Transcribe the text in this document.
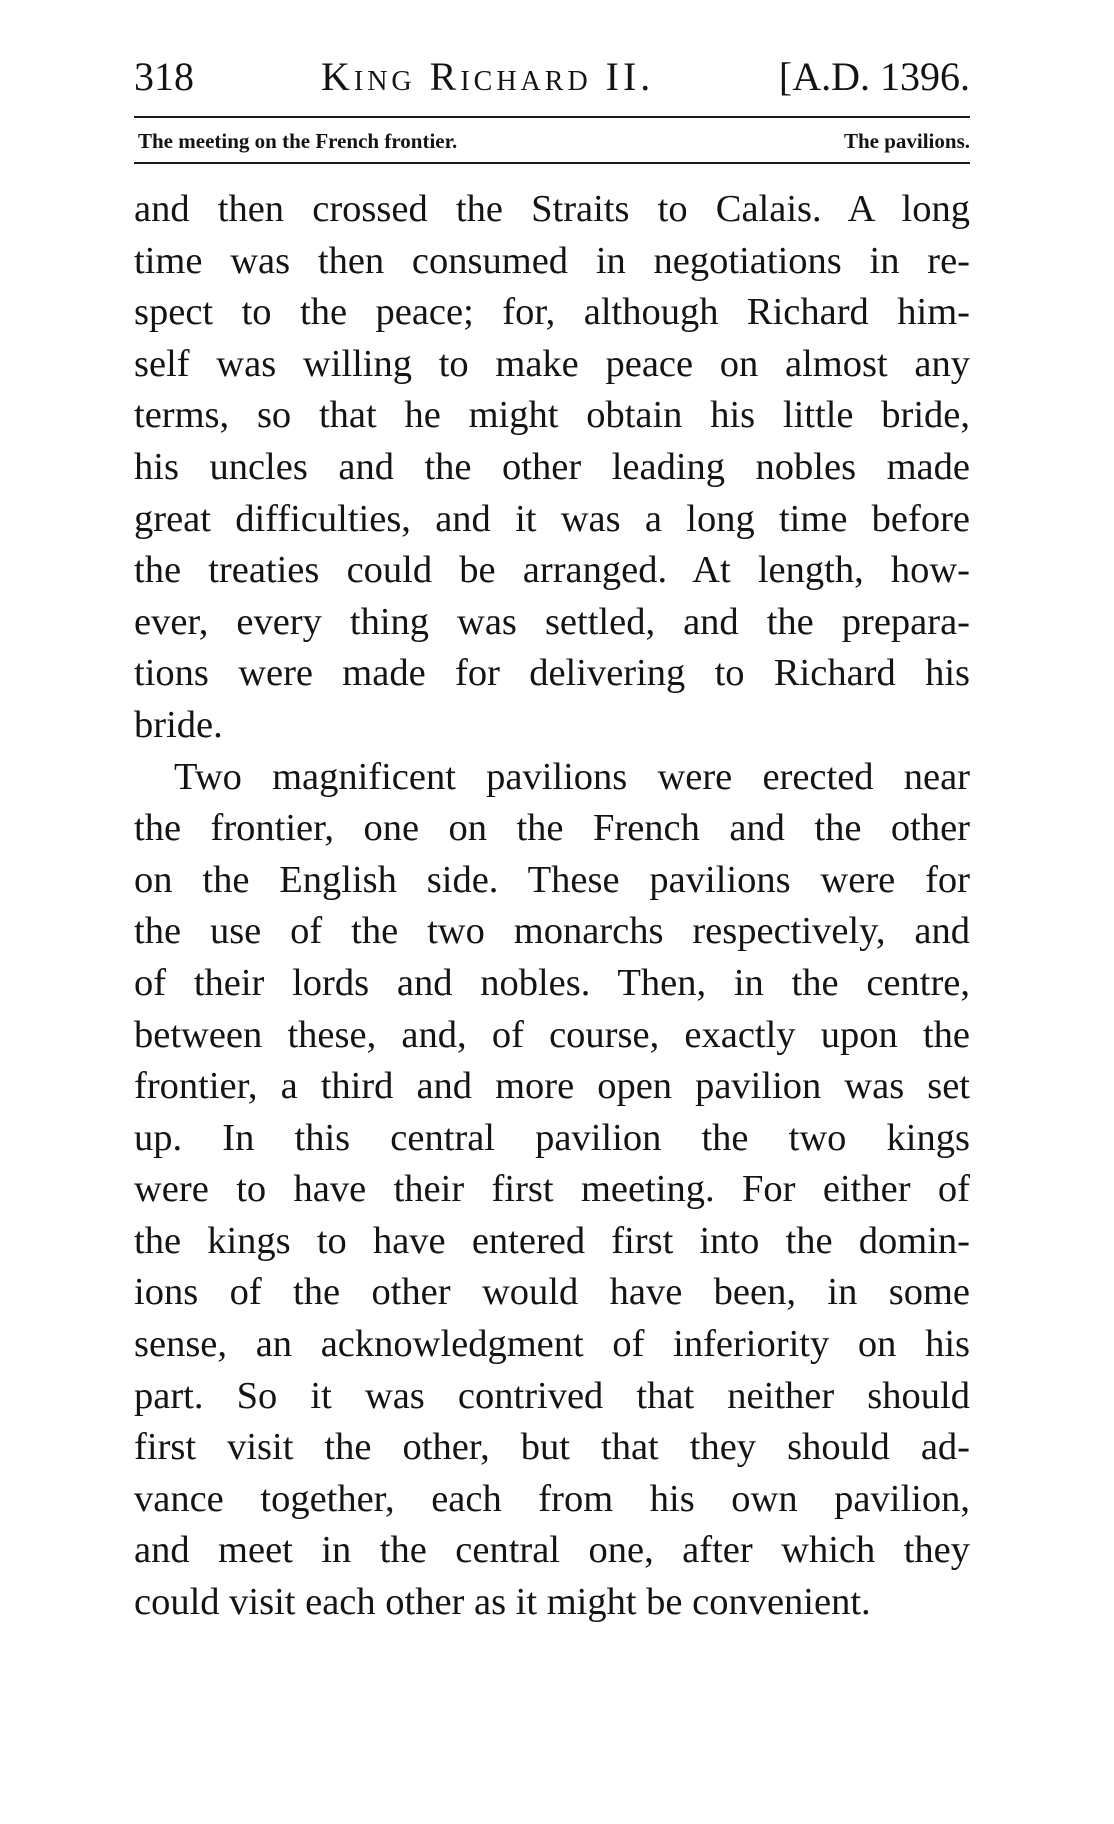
318	King Richard II.	[A.D. 1396.
The meeting on the French frontier.	The pavilions.
and then crossed the Straits to Calais. A long
time was then consumed in negotiations in re-
spect to the peace; for, although Richard him-
self was willing to make peace on almost any
terms, so that he might obtain his little bride,
his uncles and the other leading nobles made
great difficulties, and it was a long time before
the treaties could be arranged. At length, how-
ever, every thing was settled, and the prepara-
tions were made for delivering to Richard his
bride.
Two magnificent pavilions were erected near
the frontier, one on the French and the other
on the English side. These pavilions were for
the use of the two monarchs respectively, and
of their lords and nobles. Then, in the centre,
between these, and, of course, exactly upon the
frontier, a third and more open pavilion was set
up. In this central pavilion the two kings
were to have their first meeting. For either of
the kings to have entered first into the domin-
ions of the other would have been, in some
sense, an acknowledgment of inferiority on his
part. So it was contrived that neither should
first visit the other, but that they should ad-
vance together, each from his own pavilion,
and meet in the central one, after which they
could visit each other as it might be convenient.
